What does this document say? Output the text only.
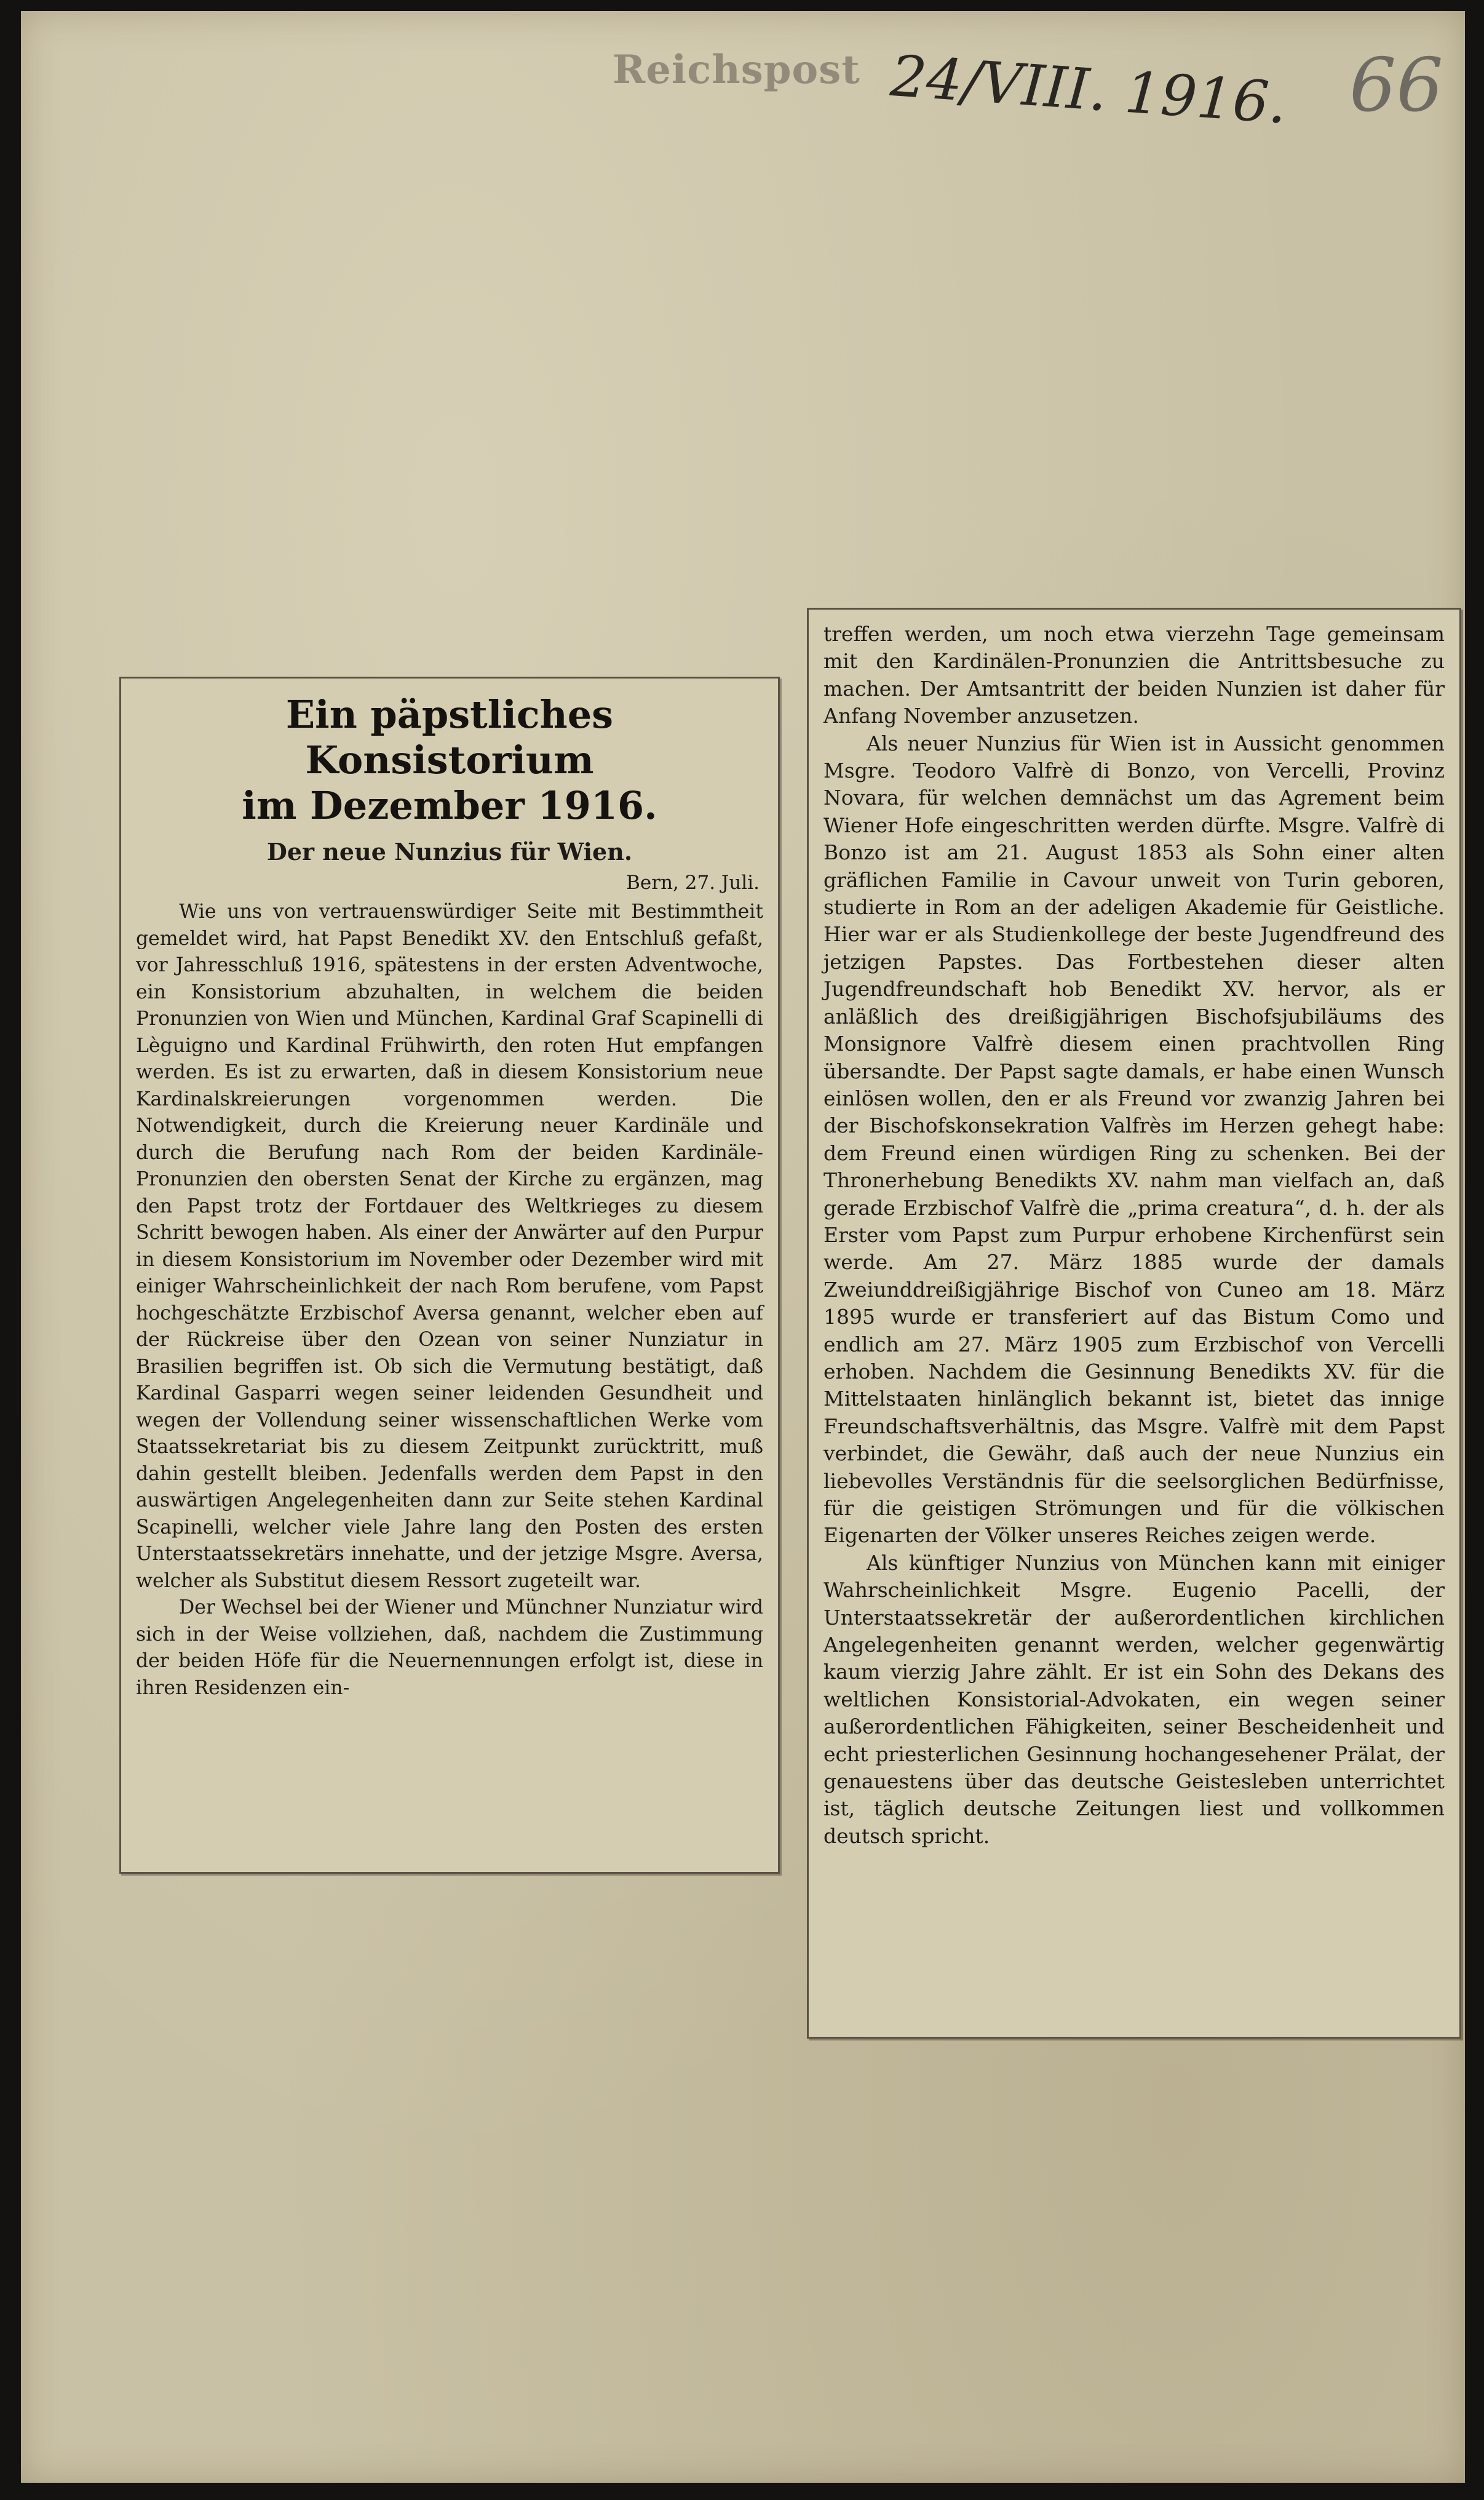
Reichspost 24/VIII. 1916. 66
Ein päpstliches Konsistorium
im Dezember 1916.
Der neue Nunzius für Wien.
Bern, 27. Juli.

Wie uns von vertrauenswürdiger Seite mit Bestimmtheit gemeldet wird, hat Papst Benedikt XV. den Entschluß gefaßt, vor Jahresschluß 1916, spätestens in der ersten Adventwoche, ein Konsistorium abzuhalten, in welchem die beiden Pronunzien von Wien und München, Kardinal Graf Scapinelli di Lèguigno und Kardinal Frühwirth, den roten Hut empfangen werden. Es ist zu erwarten, daß in diesem Konsistorium neue Kardinalskreierungen vorgenommen werden. Die Notwendigkeit, durch die Kreierung neuer Kardinäle und durch die Berufung nach Rom der beiden Kardinäle-Pronunzien den obersten Senat der Kirche zu ergänzen, mag den Papst trotz der Fortdauer des Weltkrieges zu diesem Schritt bewogen haben. Als einer der Anwärter auf den Purpur in diesem Konsistorium im November oder Dezember wird mit einiger Wahrscheinlichkeit der nach Rom berufene, vom Papst hochgeschätzte Erzbischof Aversa genannt, welcher eben auf der Rückreise über den Ozean von seiner Nunziatur in Brasilien begriffen ist. Ob sich die Vermutung bestätigt, daß Kardinal Gasparri wegen seiner leidenden Gesundheit und wegen der Vollendung seiner wissenschaftlichen Werke vom Staatssekretariat bis zu diesem Zeitpunkt zurücktritt, muß dahin gestellt bleiben. Jedenfalls werden dem Papst in den auswärtigen Angelegenheiten dann zur Seite stehen Kardinal Scapinelli, welcher viele Jahre lang den Posten des ersten Unterstaatssekretärs innehatte, und der jetzige Msgre. Aversa, welcher als Substitut diesem Ressort zugeteilt war.

Der Wechsel bei der Wiener und Münchner Nunziatur wird sich in der Weise vollziehen, daß, nachdem die Zustimmung der beiden Höfe für die Neuernennungen erfolgt ist, diese in ihren Residenzen ein-

treffen werden, um noch etwa vierzehn Tage gemeinsam mit den Kardinälen-Pronunzien die Antrittsbesuche zu machen. Der Amtsantritt der beiden Nunzien ist daher für Anfang November anzusetzen.

Als neuer Nunzius für Wien ist in Aussicht genommen Msgre. Teodoro Valfrè di Bonzo, von Vercelli, Provinz Novara, für welchen demnächst um das Agrement beim Wiener Hofe eingeschritten werden dürfte. Msgre. Valfrè di Bonzo ist am 21. August 1853 als Sohn einer alten gräflichen Familie in Cavour unweit von Turin geboren, studierte in Rom an der adeligen Akademie für Geistliche. Hier war er als Studienkollege der beste Jugendfreund des jetzigen Papstes. Das Fortbestehen dieser alten Jugendfreundschaft hob Benedikt XV. hervor, als er anläßlich des dreißigjährigen Bischofsjubiläums des Monsignore Valfrè diesem einen prachtvollen Ring übersandte. Der Papst sagte damals, er habe einen Wunsch einlösen wollen, den er als Freund vor zwanzig Jahren bei der Bischofskonsekration Valfrès im Herzen gehegt habe: dem Freund einen würdigen Ring zu schenken. Bei der Thronerhebung Benedikts XV. nahm man vielfach an, daß gerade Erzbischof Valfrè die „prima creatura“, d. h. der als Erster vom Papst zum Purpur erhobene Kirchenfürst sein werde. Am 27. März 1885 wurde der damals Zweiunddreißigjährige Bischof von Cuneo am 18. März 1895 wurde er transferiert auf das Bistum Como und endlich am 27. März 1905 zum Erzbischof von Vercelli erhoben. Nachdem die Gesinnung Benedikts XV. für die Mittelstaaten hinlänglich bekannt ist, bietet das innige Freundschaftsverhältnis, das Msgre. Valfrè mit dem Papst verbindet, die Gewähr, daß auch der neue Nunzius ein liebevolles Verständnis für die seelsorglichen Bedürfnisse, für die geistigen Strömungen und für die völkischen Eigenarten der Völker unseres Reiches zeigen werde.

Als künftiger Nunzius von München kann mit einiger Wahrscheinlichkeit Msgre. Eugenio Pacelli, der Unterstaatssekretär der außerordentlichen kirchlichen Angelegenheiten genannt werden, welcher gegenwärtig kaum vierzig Jahre zählt. Er ist ein Sohn des Dekans des weltlichen Konsistorial-Advokaten, ein wegen seiner außerordentlichen Fähigkeiten, seiner Bescheidenheit und echt priesterlichen Gesinnung hochangesehener Prälat, der genauestens über das deutsche Geistesleben unterrichtet ist, täglich deutsche Zeitungen liest und vollkommen deutsch spricht.
